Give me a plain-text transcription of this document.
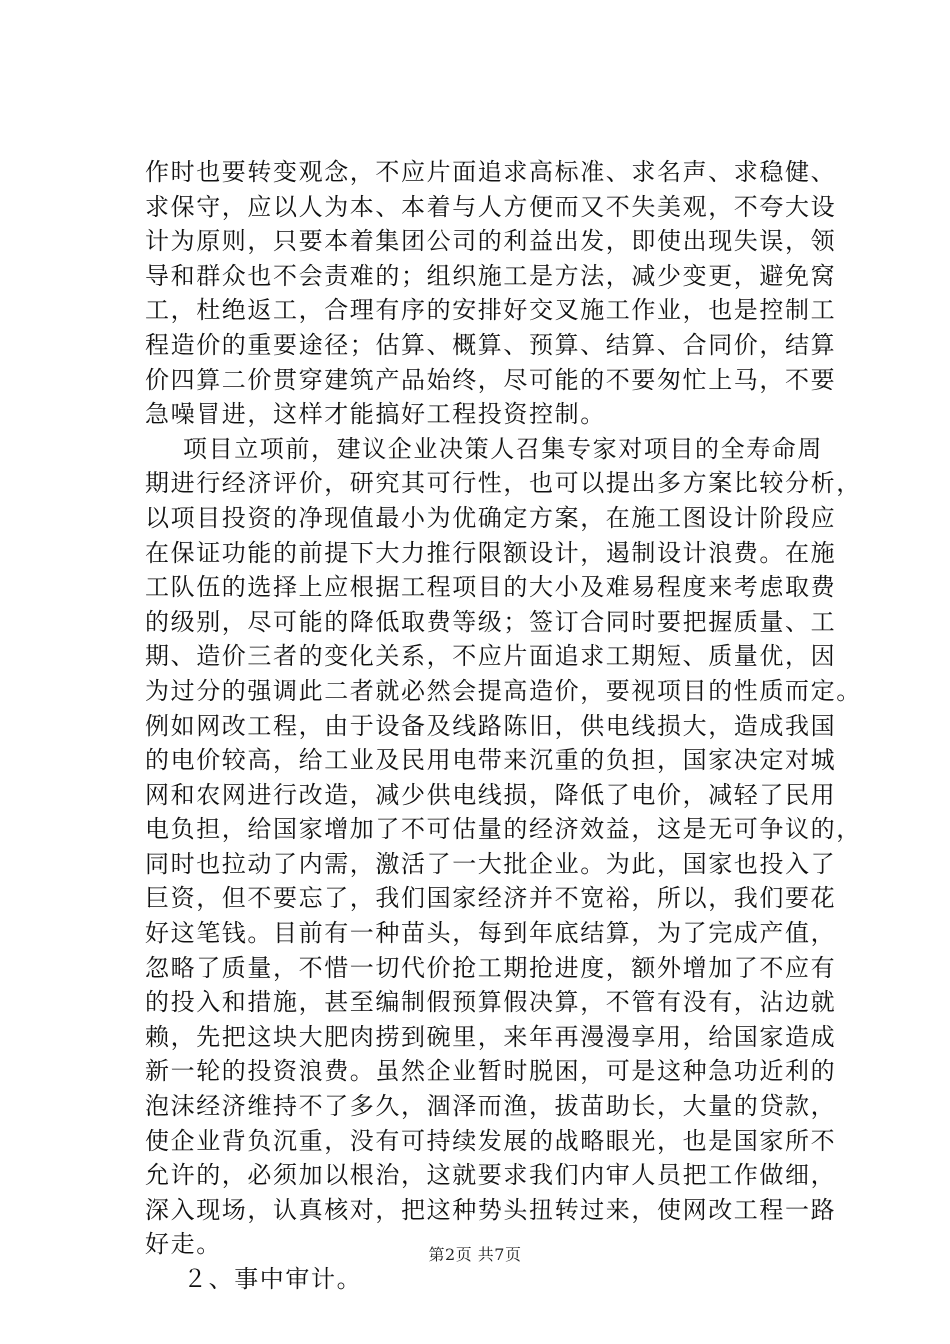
作时也要转变观念，不应片面追求高标准、求名声、求稳健、
求保守，应以人为本、本着与人方便而又不失美观，不夸大设
计为原则，只要本着集团公司的利益出发，即使出现失误，领
导和群众也不会责难的；组织施工是方法，减少变更，避免窝
工，杜绝返工，合理有序的安排好交叉施工作业，也是控制工
程造价的重要途径；估算、概算、预算、结算、合同价，结算
价四算二价贯穿建筑产品始终，尽可能的不要匆忙上马，不要
急噪冒进，这样才能搞好工程投资控制。
项目立项前，建议企业决策人召集专家对项目的全寿命周
期进行经济评价，研究其可行性，也可以提出多方案比较分析，
以项目投资的净现值最小为优确定方案，在施工图设计阶段应
在保证功能的前提下大力推行限额设计，遏制设计浪费。在施
工队伍的选择上应根据工程项目的大小及难易程度来考虑取费
的级别，尽可能的降低取费等级；签订合同时要把握质量、工
期、造价三者的变化关系，不应片面追求工期短、质量优，因
为过分的强调此二者就必然会提高造价，要视项目的性质而定。
例如网改工程，由于设备及线路陈旧，供电线损大，造成我国
的电价较高，给工业及民用电带来沉重的负担，国家决定对城
网和农网进行改造，减少供电线损，降低了电价，减轻了民用
电负担，给国家增加了不可估量的经济效益，这是无可争议的，
同时也拉动了内需，激活了一大批企业。为此，国家也投入了
巨资，但不要忘了，我们国家经济并不宽裕，所以，我们要花
好这笔钱。目前有一种苗头，每到年底结算，为了完成产值，
忽略了质量，不惜一切代价抢工期抢进度，额外增加了不应有
的投入和措施，甚至编制假预算假决算，不管有没有，沾边就
赖，先把这块大肥肉捞到碗里，来年再漫漫享用，给国家造成
新一轮的投资浪费。虽然企业暂时脱困，可是这种急功近利的
泡沫经济维持不了多久，涸泽而渔，拔苗助长，大量的贷款，
使企业背负沉重，没有可持续发展的战略眼光，也是国家所不
允许的，必须加以根治，这就要求我们内审人员把工作做细，
深入现场，认真核对，把这种势头扭转过来，使网改工程一路
好走。
２、事中审计。
第2页 共7页
